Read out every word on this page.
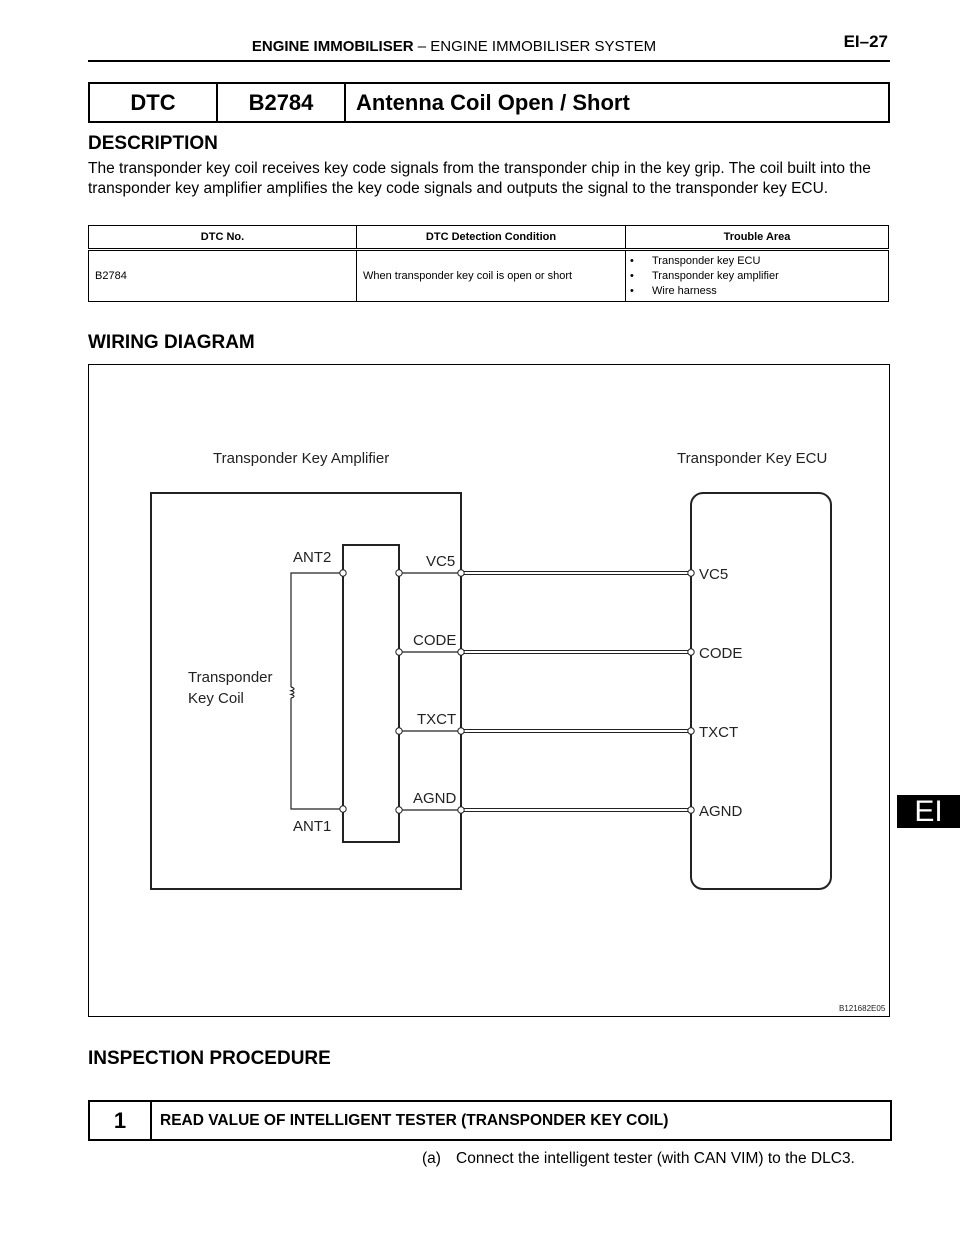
ENGINE IMMOBILISER – ENGINE IMMOBILISER SYSTEM	EI–27
DTC	B2784	Antenna Coil Open / Short
DESCRIPTION
The transponder key coil receives key code signals from the transponder chip in the key grip. The coil built into the transponder key amplifier amplifies the key code signals and outputs the signal to the transponder key ECU.
DTC No.	DTC Detection Condition	Trouble Area
B2784	When transponder key coil is open or short	• Transponder key ECU
• Transponder key amplifier
• Wire harness
WIRING DIAGRAM
Transponder Key Amplifier	Transponder Key ECU
ANT2
ANT1
Transponder
Key Coil
VC5
VC5
CODE
CODE
TXCT
TXCT
AGND
AGND
B121682E05
INSPECTION PROCEDURE
1	READ VALUE OF INTELLIGENT TESTER (TRANSPONDER KEY COIL)
(a) Connect the intelligent tester (with CAN VIM) to the DLC3.
EI
